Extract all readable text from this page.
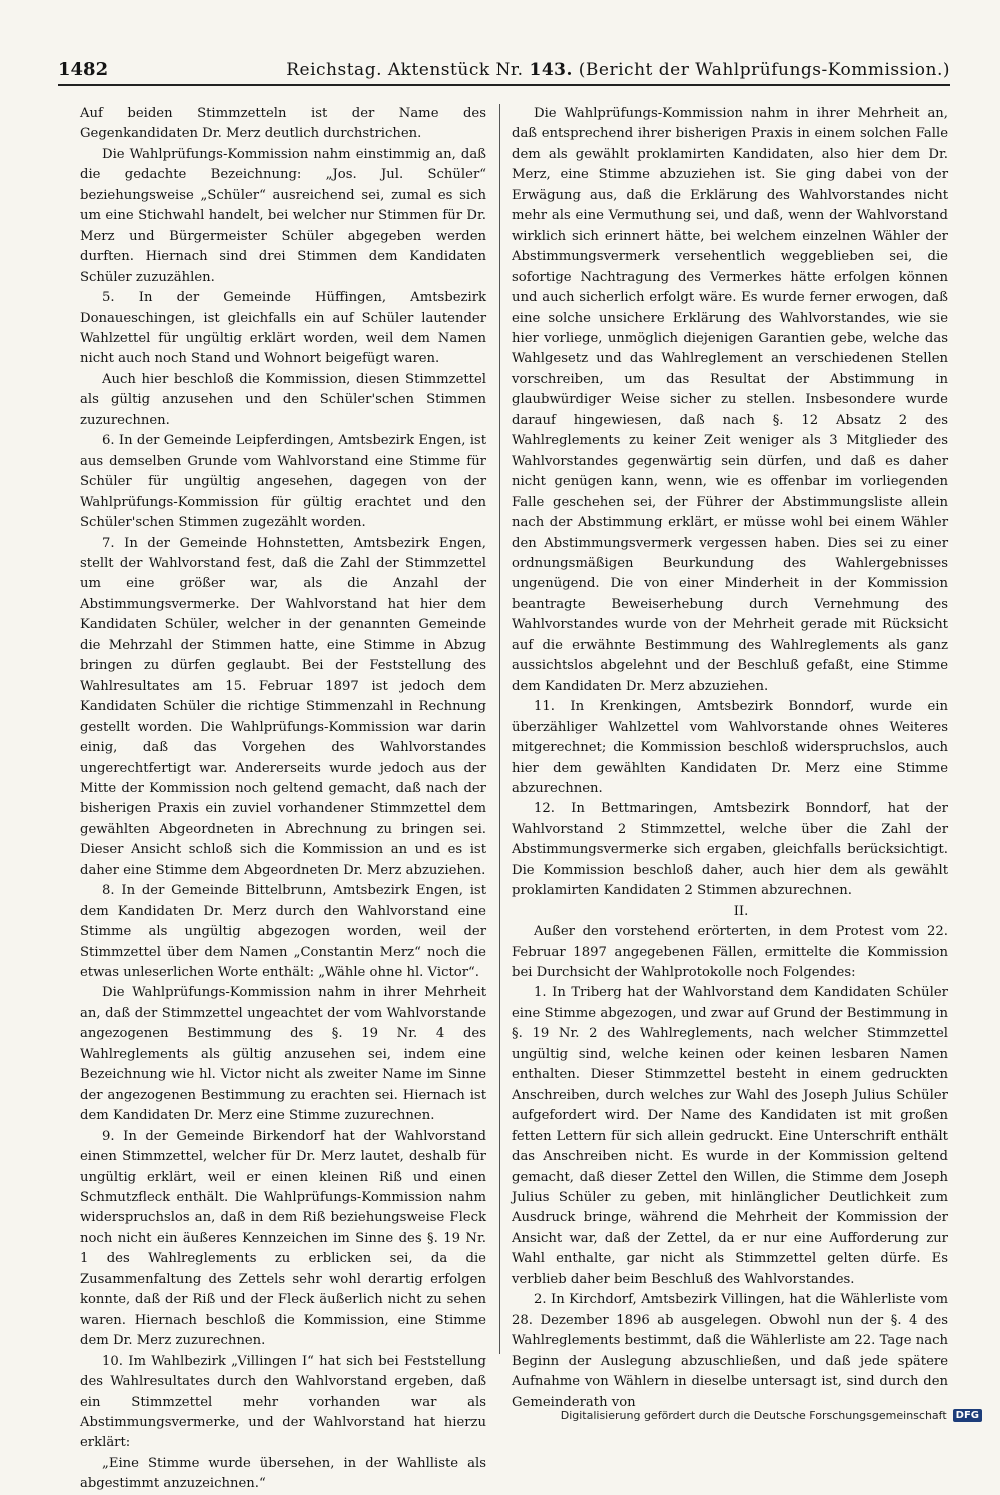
1482	Reichstag. Aktenstück Nr. 143. (Bericht der Wahlprüfungs-Kommission.)

Auf beiden Stimmzetteln ist der Name des Gegenkandidaten Dr. Merz deutlich durchstrichen.

Die Wahlprüfungs-Kommission nahm einstimmig an, daß die gedachte Bezeichnung: „Jos. Jul. Schüler“ beziehungsweise „Schüler“ ausreichend sei, zumal es sich um eine Stichwahl handelt, bei welcher nur Stimmen für Dr. Merz und Bürgermeister Schüler abgegeben werden durften. Hiernach sind drei Stimmen dem Kandidaten Schüler zuzuzählen.

5. In der Gemeinde Hüffingen, Amtsbezirk Donaueschingen, ist gleichfalls ein auf Schüler lautender Wahlzettel für ungültig erklärt worden, weil dem Namen nicht auch noch Stand und Wohnort beigefügt waren.

Auch hier beschloß die Kommission, diesen Stimmzettel als gültig anzusehen und den Schüler'schen Stimmen zuzurechnen.

6. In der Gemeinde Leipferdingen, Amtsbezirk Engen, ist aus demselben Grunde vom Wahlvorstand eine Stimme für Schüler für ungültig angesehen, dagegen von der Wahlprüfungs-Kommission für gültig erachtet und den Schüler'schen Stimmen zugezählt worden.

7. In der Gemeinde Hohnstetten, Amtsbezirk Engen, stellt der Wahlvorstand fest, daß die Zahl der Stimmzettel um eine größer war, als die Anzahl der Abstimmungsvermerke. Der Wahlvorstand hat hier dem Kandidaten Schüler, welcher in der genannten Gemeinde die Mehrzahl der Stimmen hatte, eine Stimme in Abzug bringen zu dürfen geglaubt. Bei der Feststellung des Wahlresultates am 15. Februar 1897 ist jedoch dem Kandidaten Schüler die richtige Stimmenzahl in Rechnung gestellt worden. Die Wahlprüfungs-Kommission war darin einig, daß das Vorgehen des Wahlvorstandes ungerechtfertigt war. Andererseits wurde jedoch aus der Mitte der Kommission noch geltend gemacht, daß nach der bisherigen Praxis ein zuviel vorhandener Stimmzettel dem gewählten Abgeordneten in Abrechnung zu bringen sei. Dieser Ansicht schloß sich die Kommission an und es ist daher eine Stimme dem Abgeordneten Dr. Merz abzuziehen.

8. In der Gemeinde Bittelbrunn, Amtsbezirk Engen, ist dem Kandidaten Dr. Merz durch den Wahlvorstand eine Stimme als ungültig abgezogen worden, weil der Stimmzettel über dem Namen „Constantin Merz“ noch die etwas unleserlichen Worte enthält: „Wähle ohne hl. Victor“.

Die Wahlprüfungs-Kommission nahm in ihrer Mehrheit an, daß der Stimmzettel ungeachtet der vom Wahlvorstande angezogenen Bestimmung des §. 19 Nr. 4 des Wahlreglements als gültig anzusehen sei, indem eine Bezeichnung wie hl. Victor nicht als zweiter Name im Sinne der angezogenen Bestimmung zu erachten sei. Hiernach ist dem Kandidaten Dr. Merz eine Stimme zuzurechnen.

9. In der Gemeinde Birkendorf hat der Wahlvorstand einen Stimmzettel, welcher für Dr. Merz lautet, deshalb für ungültig erklärt, weil er einen kleinen Riß und einen Schmutzfleck enthält. Die Wahlprüfungs-Kommission nahm widerspruchslos an, daß in dem Riß beziehungsweise Fleck noch nicht ein äußeres Kennzeichen im Sinne des §. 19 Nr. 1 des Wahlreglements zu erblicken sei, da die Zusammenfaltung des Zettels sehr wohl derartig erfolgen konnte, daß der Riß und der Fleck äußerlich nicht zu sehen waren. Hiernach beschloß die Kommission, eine Stimme dem Dr. Merz zuzurechnen.

10. Im Wahlbezirk „Villingen I“ hat sich bei Feststellung des Wahlresultates durch den Wahlvorstand ergeben, daß ein Stimmzettel mehr vorhanden war als Abstimmungsvermerke, und der Wahlvorstand hat hierzu erklärt:

„Eine Stimme wurde übersehen, in der Wahlliste als abgestimmt anzuzeichnen.“

Die Wahlprüfungs-Kommission nahm in ihrer Mehrheit an, daß entsprechend ihrer bisherigen Praxis in einem solchen Falle dem als gewählt proklamirten Kandidaten, also hier dem Dr. Merz, eine Stimme abzuziehen ist. Sie ging dabei von der Erwägung aus, daß die Erklärung des Wahlvorstandes nicht mehr als eine Vermuthung sei, und daß, wenn der Wahlvorstand wirklich sich erinnert hätte, bei welchem einzelnen Wähler der Abstimmungsvermerk versehentlich weggeblieben sei, die sofortige Nachtragung des Vermerkes hätte erfolgen können und auch sicherlich erfolgt wäre. Es wurde ferner erwogen, daß eine solche unsichere Erklärung des Wahlvorstandes, wie sie hier vorliege, unmöglich diejenigen Garantien gebe, welche das Wahlgesetz und das Wahlreglement an verschiedenen Stellen vorschreiben, um das Resultat der Abstimmung in glaubwürdiger Weise sicher zu stellen. Insbesondere wurde darauf hingewiesen, daß nach §. 12 Absatz 2 des Wahlreglements zu keiner Zeit weniger als 3 Mitglieder des Wahlvorstandes gegenwärtig sein dürfen, und daß es daher nicht genügen kann, wenn, wie es offenbar im vorliegenden Falle geschehen sei, der Führer der Abstimmungsliste allein nach der Abstimmung erklärt, er müsse wohl bei einem Wähler den Abstimmungsvermerk vergessen haben. Dies sei zu einer ordnungsmäßigen Beurkundung des Wahlergebnisses ungenügend. Die von einer Minderheit in der Kommission beantragte Beweiserhebung durch Vernehmung des Wahlvorstandes wurde von der Mehrheit gerade mit Rücksicht auf die erwähnte Bestimmung des Wahlreglements als ganz aussichtslos abgelehnt und der Beschluß gefaßt, eine Stimme dem Kandidaten Dr. Merz abzuziehen.

11. In Krenkingen, Amtsbezirk Bonndorf, wurde ein überzähliger Wahlzettel vom Wahlvorstande ohnes Weiteres mitgerechnet; die Kommission beschloß widerspruchslos, auch hier dem gewählten Kandidaten Dr. Merz eine Stimme abzurechnen.

12. In Bettmaringen, Amtsbezirk Bonndorf, hat der Wahlvorstand 2 Stimmzettel, welche über die Zahl der Abstimmungsvermerke sich ergaben, gleichfalls berücksichtigt. Die Kommission beschloß daher, auch hier dem als gewählt proklamirten Kandidaten 2 Stimmen abzurechnen.

II.

Außer den vorstehend erörterten, in dem Protest vom 22. Februar 1897 angegebenen Fällen, ermittelte die Kommission bei Durchsicht der Wahlprotokolle noch Folgendes:

1. In Triberg hat der Wahlvorstand dem Kandidaten Schüler eine Stimme abgezogen, und zwar auf Grund der Bestimmung in §. 19 Nr. 2 des Wahlreglements, nach welcher Stimmzettel ungültig sind, welche keinen oder keinen lesbaren Namen enthalten. Dieser Stimmzettel besteht in einem gedruckten Anschreiben, durch welches zur Wahl des Joseph Julius Schüler aufgefordert wird. Der Name des Kandidaten ist mit großen fetten Lettern für sich allein gedruckt. Eine Unterschrift enthält das Anschreiben nicht. Es wurde in der Kommission geltend gemacht, daß dieser Zettel den Willen, die Stimme dem Joseph Julius Schüler zu geben, mit hinlänglicher Deutlichkeit zum Ausdruck bringe, während die Mehrheit der Kommission der Ansicht war, daß der Zettel, da er nur eine Aufforderung zur Wahl enthalte, gar nicht als Stimmzettel gelten dürfe. Es verblieb daher beim Beschluß des Wahlvorstandes.

2. In Kirchdorf, Amtsbezirk Villingen, hat die Wählerliste vom 28. Dezember 1896 ab ausgelegen. Obwohl nun der §. 4 des Wahlreglements bestimmt, daß die Wählerliste am 22. Tage nach Beginn der Auslegung abzuschließen, und daß jede spätere Aufnahme von Wählern in dieselbe untersagt ist, sind durch den Gemeinderath von

Digitalisierung gefördert durch die Deutsche Forschungsgemeinschaft DFG
